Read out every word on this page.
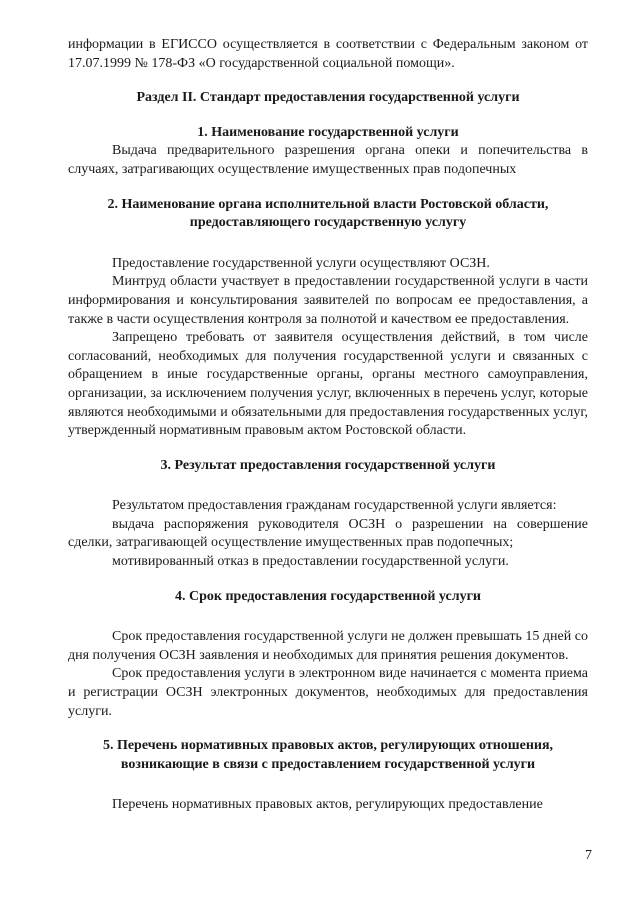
информации в ЕГИССО осуществляется в соответствии с Федеральным законом от 17.07.1999 № 178-ФЗ «О государственной социальной помощи».

Раздел II. Стандарт предоставления государственной услуги
1. Наименование государственной услуги

Выдача предварительного разрешения органа опеки и попечительства в случаях, затрагивающих осуществление имущественных прав подопечных

2. Наименование органа исполнительной власти Ростовской области,
предоставляющего государственную услугу

Предоставление государственной услуги осуществляют ОСЗН.

Минтруд области участвует в предоставлении государственной услуги в части информирования и консультирования заявителей по вопросам ее предоставления, а также в части осуществления контроля за полнотой и качеством ее предоставления.

Запрещено требовать от заявителя осуществления действий, в том числе согласований, необходимых для получения государственной услуги и связанных с обращением в иные государственные органы, органы местного самоуправления, организации, за исключением получения услуг, включенных в перечень услуг, которые являются необходимыми и обязательными для предоставления государственных услуг, утвержденный нормативным правовым актом Ростовской области.

3. Результат предоставления государственной услуги

Результатом предоставления гражданам государственной услуги является:

выдача распоряжения руководителя ОСЗН о разрешении на совершение сделки, затрагивающей осуществление имущественных прав подопечных;

мотивированный отказ в предоставлении государственной услуги.

4. Срок предоставления государственной услуги

Срок предоставления государственной услуги не должен превышать 15 дней со дня получения ОСЗН заявления и необходимых для принятия решения документов.

Срок предоставления услуги в электронном виде начинается с момента приема и регистрации ОСЗН электронных документов, необходимых для предоставления услуги.

5. Перечень нормативных правовых актов, регулирующих отношения,
возникающие в связи с предоставлением государственной услуги

Перечень нормативных правовых актов, регулирующих предоставление

7
